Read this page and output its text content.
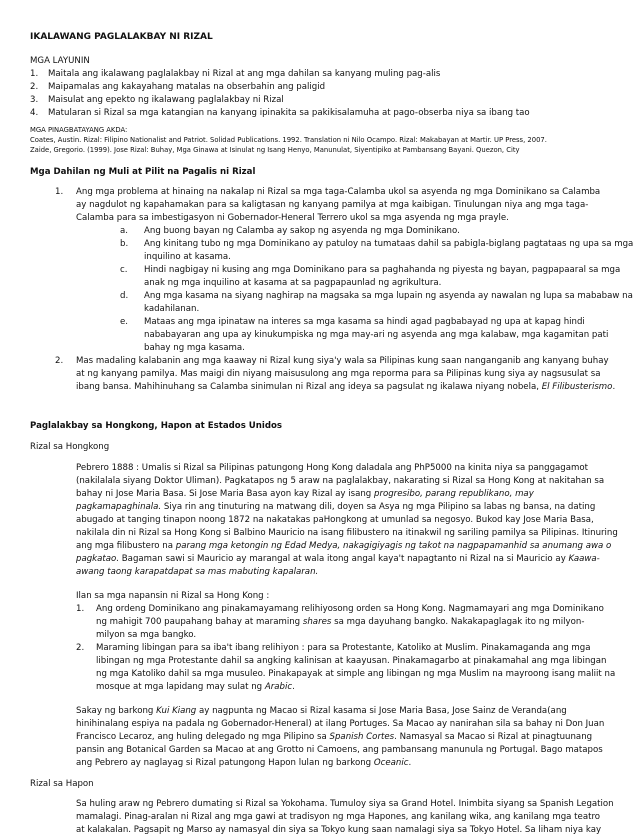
IKALAWANG PAGLALAKBAY NI RIZAL
MGA LAYUNIN
1. Maitala ang ikalawang paglalakbay ni Rizal at ang mga dahilan sa kanyang muling pag-alis
2. Maipamalas ang kakayahang matalas na obserbahin ang paligid
3. Maisulat ang epekto ng ikalawang paglalakbay ni Rizal
4. Matularan si Rizal sa mga katangian na kanyang ipinakita sa pakikisalamuha at pago-obserba niya sa ibang tao
MGA PINAGBATAYANG AKDA:
Coates, Austin. Rizal: Filipino Nationalist and Patriot. Solidad Publications. 1992. Translation ni Nilo Ocampo. Rizal: Makabayan at Martir. UP Press, 2007.
Zaide, Gregorio. (1999). Jose Rizal: Buhay, Mga Ginawa at Isinulat ng Isang Henyo, Manunulat, Siyentipiko at Pambansang Bayani. Quezon, City
Mga Dahilan ng Muli at Pilit na Pagalis ni Rizal
1. Ang mga problema at hinaing na nakalap ni Rizal sa mga taga-Calamba ukol sa asyenda ng mga Dominikano sa Calamba
ay nagdulot ng kapahamakan para sa kaligtasan ng kanyang pamilya at mga kaibigan. Tinulungan niya ang mga taga-
Calamba para sa imbestigasyon ni Gobernador-Heneral Terrero ukol sa mga asyenda ng mga prayle.
a. Ang buong bayan ng Calamba ay sakop ng asyenda ng mga Dominikano.
b. Ang kinitang tubo ng mga Dominikano ay patuloy na tumataas dahil sa pabigla-biglang pagtataas ng upa sa mga
inquilino at kasama.
c. Hindi nagbigay ni kusing ang mga Dominikano para sa paghahanda ng piyesta ng bayan, pagpapaaral sa mga
anak ng mga inquilino at kasama at sa pagpapaunlad ng agrikultura.
d. Ang mga kasama na siyang naghirap na magsaka sa mga lupain ng asyenda ay nawalan ng lupa sa mababaw na
kadahilanan.
e. Mataas ang mga ipinataw na interes sa mga kasama sa hindi agad pagbabayad ng upa at kapag hindi
nababayaran ang upa ay kinukumpiska ng mga may-ari ng asyenda ang mga kalabaw, mga kagamitan pati
bahay ng mga kasama.
2. Mas madaling kalabanin ang mga kaaway ni Rizal kung siya'y wala sa Pilipinas kung saan nanganganib ang kanyang buhay
at ng kanyang pamilya. Mas maigi din niyang maisusulong ang mga reporma para sa Pilipinas kung siya ay nagsusulat sa
ibang bansa. Mahihinuhang sa Calamba sinimulan ni Rizal ang ideya sa pagsulat ng ikalawa niyang nobela, El Filibusterismo.
Paglalakbay sa Hongkong, Hapon at Estados Unidos
Rizal sa Hongkong
Pebrero 1888 : Umalis si Rizal sa Pilipinas patungong Hong Kong daladala ang PhP5000 na kinita niya sa panggagamot
(nakilalala siyang Doktor Uliman). Pagkatapos ng 5 araw na paglalakbay, nakarating si Rizal sa Hong Kong at nakitahan sa
bahay ni Jose Maria Basa. Si Jose Maria Basa ayon kay Rizal ay isang progresibo, parang republikano, may
pagkamapaghinala. Siya rin ang tinuturing na matwang dili, doyen sa Asya ng mga Pilipino sa labas ng bansa, na dating
abugado at tanging tinapon noong 1872 na nakatakas paHongkong at umunlad sa negosyo. Bukod kay Jose Maria Basa,
nakilala din ni Rizal sa Hong Kong si Balbino Mauricio na isang filibustero na itinakwil ng sariling pamilya sa Pilipinas. Itinuring
ang mga filibustero na parang mga ketongin ng Edad Medya, nakagigiyagis ng takot na nagpapamanhid sa anumang awa o
pagkatao. Bagaman sawi si Mauricio ay marangal at wala itong angal kaya't napagtanto ni Rizal na si Mauricio ay Kaawa-
awang taong karapatdapat sa mas mabuting kapalaran.
Ilan sa mga napansin ni Rizal sa Hong Kong :
1. Ang ordeng Dominikano ang pinakamayamang relihiyosong orden sa Hong Kong. Nagmamayari ang mga Dominikano
ng mahigit 700 paupahang bahay at maraming shares sa mga dayuhang bangko. Nakakapaglagak ito ng milyon-
milyon sa mga bangko.
2. Maraming libingan para sa iba't ibang relihiyon : para sa Protestante, Katoliko at Muslim. Pinakamaganda ang mga
libingan ng mga Protestante dahil sa angking kalinisan at kaayusan. Pinakamagarbo at pinakamahal ang mga libingan
ng mga Katoliko dahil sa mga musuleo. Pinakapayak at simple ang libingan ng mga Muslim na mayroong isang maliit na
mosque at mga lapidang may sulat ng Arabic.
Sakay ng barkong Kui Kiang ay nagpunta ng Macao si Rizal kasama si Jose Maria Basa, Jose Sainz de Veranda(ang
hinihinalang espiya na padala ng Gobernador-Heneral) at ilang Portuges. Sa Macao ay nanirahan sila sa bahay ni Don Juan
Francisco Lecaroz, ang huling delegado ng mga Pilipino sa Spanish Cortes. Namasyal sa Macao si Rizal at pinagtuunang
pansin ang Botanical Garden sa Macao at ang Grotto ni Camoens, ang pambansang manunula ng Portugal. Bago matapos
ang Pebrero ay naglayag si Rizal patungong Hapon lulan ng barkong Oceanic.
Rizal sa Hapon
Sa huling araw ng Pebrero dumating si Rizal sa Yokohama. Tumuloy siya sa Grand Hotel. Inimbita siyang sa Spanish Legation
mamalagi. Pinag-aralan ni Rizal ang mga gawi at tradisyon ng mga Hapones, ang kanilang wika, ang kanilang mga teatro
at kalakalan. Pagsapit ng Marso ay namasyal din siya sa Tokyo kung saan namalagi siya sa Tokyo Hotel. Sa liham niya kay
